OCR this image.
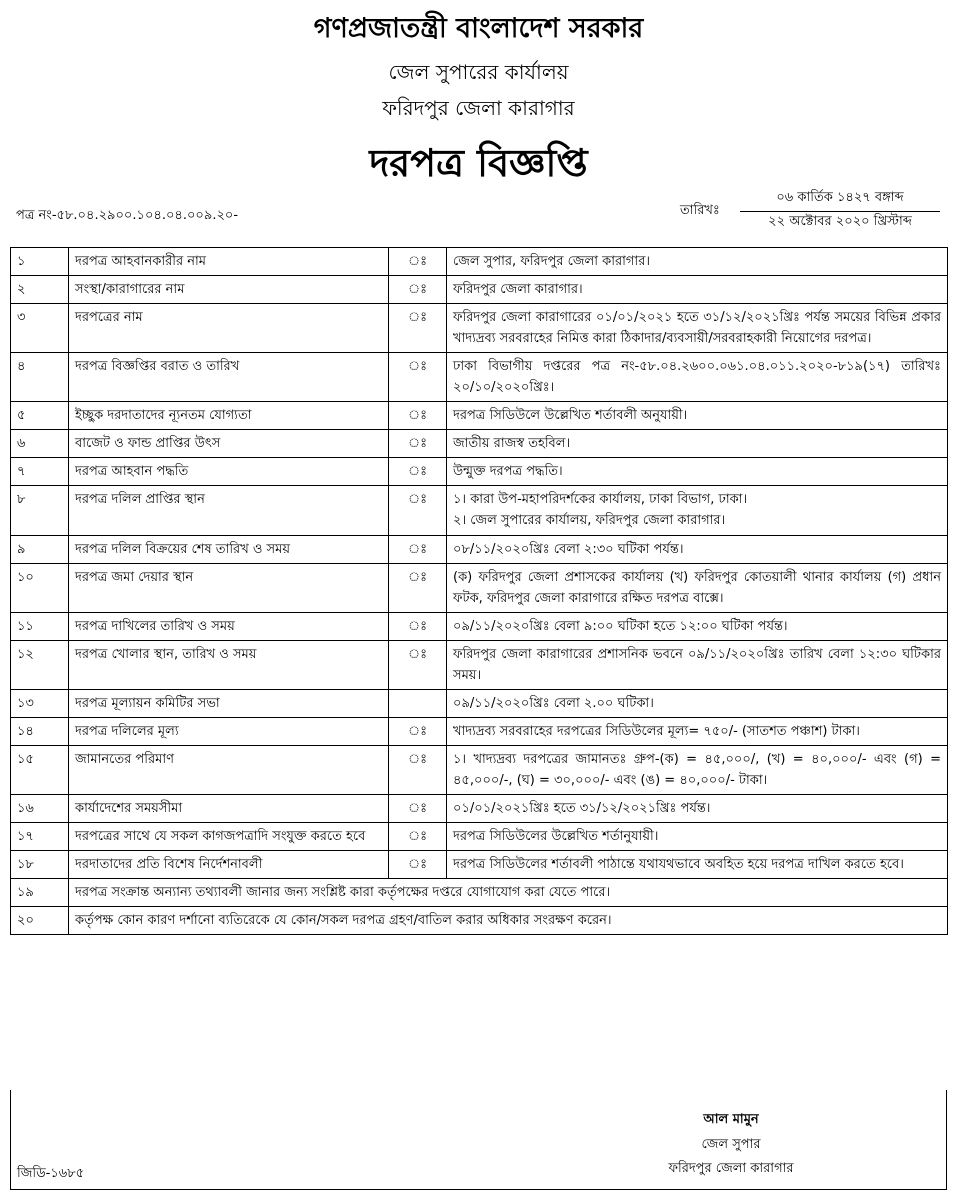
গণপ্রজাতন্ত্রী বাংলাদেশ সরকার
জেল সুপারের কার্যালয়
ফরিদপুর জেলা কারাগার
দরপত্র বিজ্ঞপ্তি
পত্র নং-৫৮.০৪.২৯০০.১০৪.০৪.০০৯.২০-	তারিখঃ
০৬ কার্তিক ১৪২৭ বঙ্গাব্দ
২২ অক্টোবর ২০২০ খ্রিস্টাব্দ
১	দরপত্র আহবানকারীর নাম	ঃ	জেল সুপার, ফরিদপুর জেলা কারাগার।

২	সংস্থা/কারাগারের নাম	ঃ	ফরিদপুর জেলা কারাগার।

৩	দরপত্রের নাম	ঃ	ফরিদপুর জেলা কারাগারের ০১/০১/২০২১ হতে ৩১/১২/২০২১খ্রিঃ পর্যন্ত সময়ের বিভিন্ন প্রকার খাদ্যদ্রব্য সরবরাহের নিমিত্ত কারা ঠিকাদার/ব্যবসায়ী/সরবরাহকারী নিয়োগের দরপত্র।

৪	দরপত্র বিজ্ঞপ্তির বরাত ও তারিখ	ঃ	ঢাকা বিভাগীয় দপ্তরের পত্র নং-৫৮.০৪.২৬০০.০৬১.০৪.০১১.২০২০-৮১৯(১৭) তারিখঃ ২০/১০/২০২০খ্রিঃ।

৫	ইচ্ছুক দরদাতাদের ন্যূনতম যোগ্যতা	ঃ	দরপত্র সিডিউলে উল্লেখিত শর্তাবলী অনুযায়ী।

৬	বাজেট ও ফান্ড প্রাপ্তির উৎস	ঃ	জাতীয় রাজস্ব তহবিল।

৭	দরপত্র আহবান পদ্ধতি	ঃ	উন্মুক্ত দরপত্র পদ্ধতি।

৮	দরপত্র দলিল প্রাপ্তির স্থান	ঃ	১। কারা উপ-মহাপরিদর্শকের কার্যালয়, ঢাকা বিভাগ, ঢাকা।
২। জেল সুপারের কার্যালয়, ফরিদপুর জেলা কারাগার।

৯	দরপত্র দলিল বিক্রয়ের শেষ তারিখ ও সময়	ঃ	০৮/১১/২০২০খ্রিঃ বেলা ২:৩০ ঘটিকা পর্যন্ত।

১০	দরপত্র জমা দেয়ার স্থান	ঃ	(ক) ফরিদপুর জেলা প্রশাসকের কার্যালয় (খ) ফরিদপুর কোতয়ালী থানার কার্যালয় (গ) প্রধান ফটক, ফরিদপুর জেলা কারাগারে রক্ষিত দরপত্র বাক্সে।

১১	দরপত্র দাখিলের তারিখ ও সময়	ঃ	০৯/১১/২০২০খ্রিঃ বেলা ৯:০০ ঘটিকা হতে ১২:০০ ঘটিকা পর্যন্ত।

১২	দরপত্র খোলার স্থান, তারিখ ও সময়	ঃ	ফরিদপুর জেলা কারাগারের প্রশাসনিক ভবনে ০৯/১১/২০২০খ্রিঃ তারিখ বেলা ১২:৩০ ঘটিকার সময়।

১৩	দরপত্র মূল্যায়ন কমিটির সভা		০৯/১১/২০২০খ্রিঃ বেলা ২.০০ ঘটিকা।

১৪	দরপত্র দলিলের মূল্য	ঃ	খাদ্যদ্রব্য সরবরাহের দরপত্রের সিডিউলের মূল্য= ৭৫০/- (সাতশত পঞ্চাশ) টাকা।

১৫	জামানতের পরিমাণ	ঃ	১। খাদ্যদ্রব্য দরপত্রের জামানতঃ গ্রুপ-(ক) = ৪৫,০০০/, (খ) = ৪০,০০০/- এবং (গ) = ৪৫,০০০/-, (ঘ) = ৩০,০০০/- এবং (ঙ) = ৪০,০০০/- টাকা।

১৬	কার্যাদেশের সময়সীমা	ঃ	০১/০১/২০২১খ্রিঃ হতে ৩১/১২/২০২১খ্রিঃ পর্যন্ত।

১৭	দরপত্রের সাথে যে সকল কাগজপত্রাদি সংযুক্ত করতে হবে	ঃ	দরপত্র সিডিউলের উল্লেখিত শর্তানুযায়ী।

১৮	দরদাতাদের প্রতি বিশেষ নির্দেশনাবলী	ঃ	দরপত্র সিডিউলের শর্তাবলী পাঠান্তে যথাযথভাবে অবহিত হয়ে দরপত্র দাখিল করতে হবে।

১৯	দরপত্র সংক্রান্ত অন্যান্য তথ্যাবলী জানার জন্য সংশ্লিষ্ট কারা কর্তৃপক্ষের দপ্তরে যোগাযোগ করা যেতে পারে।		
২০	কর্তৃপক্ষ কোন কারণ দর্শানো ব্যতিরেকে যে কোন/সকল দরপত্র গ্রহণ/বাতিল করার অধিকার সংরক্ষণ করেন।		
আল মামুন
জেল সুপার
ফরিদপুর জেলা কারাগার
জিডি-১৬৮৫
